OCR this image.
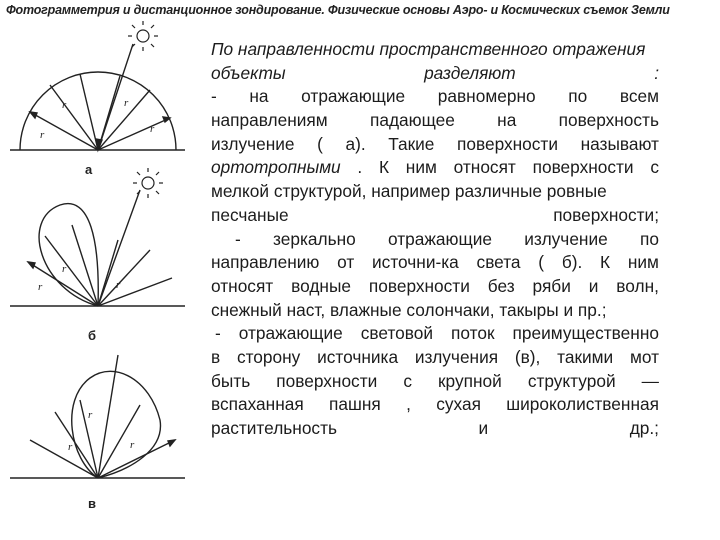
Фотограмметрия и дистанционное зондирование. Физические основы Аэро- и Космических съемок Земли
r
r	r
r
r
r
r
r
r
r
а
б
в
По направленности пространственного отражения
объекты	разделяют	:
- на отражающие равномерно по всем
направлениям падающее на поверхность
излучение ( а). Такие поверхности называют
ортотропными . К ним относят поверхности с
мелкой структурой, например различные ровные
песчаные	поверхности;
- зеркально отражающие излучение по
направлению от источни-ка света ( б). К ним
относят водные поверхности без ряби и волн,
снежный наст, влажные солончаки, такыры и пр.;
- отражающие световой поток преимущественно
в сторону источника излучения (в), такими мот
быть поверхности с крупной структурой —
вспаханная пашня , сухая широколиственная
растительность	и	др.;
